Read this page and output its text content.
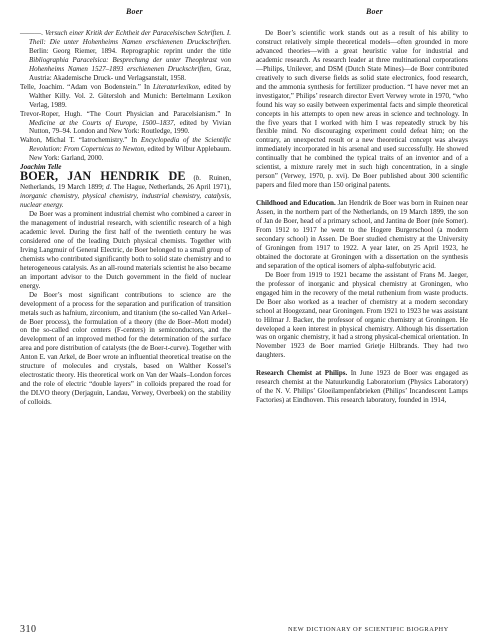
Boer	Boer

———. Versuch einer Kritik der Echtheit der Paracelsischen Schriften. I. Theil: Die unter Hohenheims Namen erschienenen Druckschriften. Berlin: Georg Riemer, 1894. Reprographic reprint under the title Bibliographia Paracelsica: Besprechung der unter Theophrast von Hohenheims Namen 1527–1893 erschienenen Druckschriften, Graz, Austria: Akademische Druck- und Verlagsanstalt, 1958.

Telle, Joachim. “Adam von Bodenstein.” In Literaturlexikon, edited by Walther Killy. Vol. 2. Gütersloh and Munich: Bertelmann Lexikon Verlag, 1989.

Trevor-Roper, Hugh. “The Court Physician and Paracelsianism.” In Medicine at the Courts of Europe, 1500–1837, edited by Vivian Nutton, 79–94. London and New York: Routledge, 1990.

Walton, Michal T. “Iatrochemistry.” In Encyclopedia of the Scientific Revolution: From Copernicus to Newton, edited by Wilbur Applebaum. New York: Garland, 2000.

Joachim Telle

BOER, JAN HENDRIK DE (b. Ruinen, Netherlands, 19 March 1899; d. The Hague, Netherlands, 26 April 1971), inorganic chemistry, physical chemistry, industrial chemistry, catalysis, nuclear energy.

De Boer was a prominent industrial chemist who combined a career in the management of industrial research, with scientific research of a high academic level. During the first half of the twentieth century he was considered one of the leading Dutch physical chemists. Together with Irving Langmuir of General Electric, de Boer belonged to a small group of chemists who contributed significantly both to solid state chemistry and to heterogeneous catalysis. As an all-round materials scientist he also became an important advisor to the Dutch government in the field of nuclear energy.

De Boer’s most significant contributions to science are the development of a process for the separation and purification of transition metals such as hafnium, zirconium, and titanium (the so-called Van Arkel–de Boer process), the formulation of a theory (the de Boer–Mott model) on the so-called color centers (F-centers) in semiconductors, and the development of an improved method for the determination of the surface area and pore distribution of catalysts (the de Boer-t-curve). Together with Anton E. van Arkel, de Boer wrote an influential theoretical treatise on the structure of molecules and crystals, based on Walther Kossel’s electrostatic theory. His theoretical work on Van der Waals–London forces and the role of electric “double layers” in colloids prepared the road for the DLVO theory (Derjaguin, Landau, Verwey, Overbeek) on the stability of colloids.

De Boer’s scientific work stands out as a result of his ability to construct relatively simple theoretical models—often grounded in more advanced theories—with a great heuristic value for industrial and academic research. As research leader at three multinational corporations—Philips, Unilever, and DSM (Dutch State Mines)—de Boer contributed creatively to such diverse fields as solid state electronics, food research, and the ammonia synthesis for fertilizer production. “I have never met an investigator,” Philips’ research director Evert Verwey wrote in 1970, “who found his way so easily between experimental facts and simple theoretical concepts in his attempts to open new areas in science and technology. In the five years that I worked with him I was repeatedly struck by his flexible mind. No discouraging experiment could defeat him; on the contrary, an unexpected result or a new theoretical concept was always immediately incorporated in his arsenal and used successfully. He showed continually that he combined the typical traits of an inventor and of a scientist, a mixture rarely met in such high concentration, in a single person” (Verwey, 1970, p. xvi). De Boer published about 300 scientific papers and filed more than 150 original patents.

Childhood and Education. Jan Hendrik de Boer was born in Ruinen near Assen, in the northern part of the Netherlands, on 19 March 1899, the son of Jan de Boer, head of a primary school, and Jantina de Boer (née Somer). From 1912 to 1917 he went to the Hogere Burgerschool (a modern secondary school) in Assen. De Boer studied chemistry at the University of Groningen from 1917 to 1922. A year later, on 25 April 1923, he obtained the doctorate at Groningen with a dissertation on the synthesis and separation of the optical isomers of alpha-sulfobutyric acid.

De Boer from 1919 to 1921 became the assistant of Frans M. Jaeger, the professor of inorganic and physical chemistry at Groningen, who engaged him in the recovery of the metal ruthenium from waste products. De Boer also worked as a teacher of chemistry at a modern secondary school at Hoogezand, near Groningen. From 1921 to 1923 he was assistant to Hilmar J. Backer, the professor of organic chemistry at Groningen. He developed a keen interest in physical chemistry. Although his dissertation was on organic chemistry, it had a strong physical-chemical orientation. In November 1923 de Boer married Grietje Hilbrands. They had two daughters.

Research Chemist at Philips. In June 1923 de Boer was engaged as research chemist at the Natuurkundig Laboratorium (Physics Laboratory) of the N. V. Philips’ Gloeilampenfabrieken (Philips’ Incandescent Lamps Factories) at Eindhoven. This research laboratory, founded in 1914,

310	NEW DICTIONARY OF SCIENTIFIC BIOGRAPHY
